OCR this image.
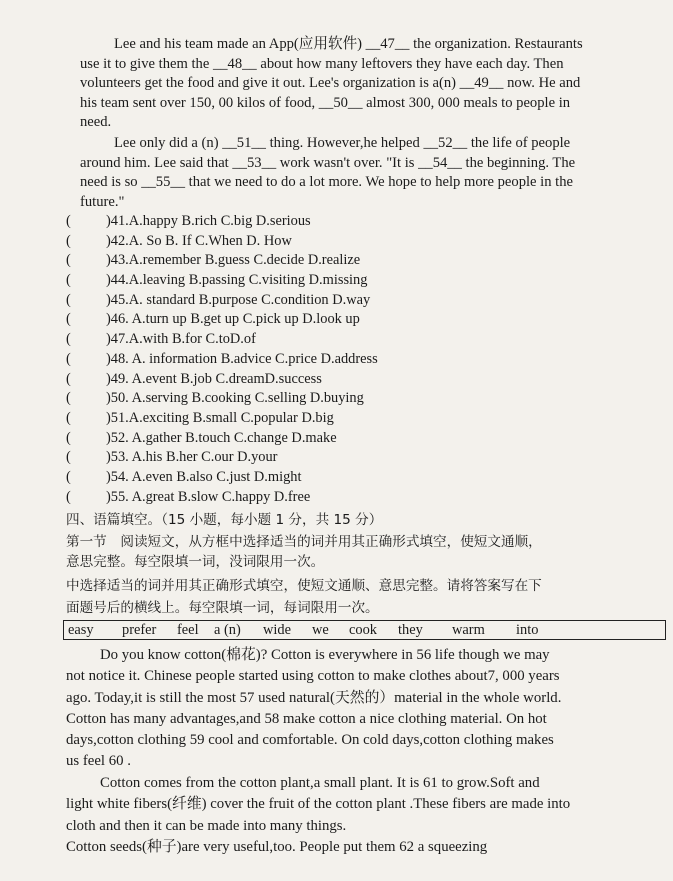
Lee and his team made an App(应用软件) __47__ the organization. Restaurants
use it to give them the __48__ about how many leftovers they have each day. Then
volunteers get the food and give it out. Lee's organization is a(n) __49__ now. He and
his team sent over 150, 00 kilos of food, __50__ almost 300, 000 meals to people in
need.
Lee only did a (n) __51__ thing. However,he helped __52__ the life of people
around him. Lee said that __53__ work wasn't over. "It is __54__ the beginning. The
need is so __55__ that we need to do a lot more. We hope to help more people in the
future."
( )41.A.happy B.rich C.big D.serious
( )42.A. So B. If C.When D. How
( )43.A.remember B.guess C.decide D.realize
( )44.A.leaving B.passing C.visiting D.missing
( )45.A. standard B.purpose C.condition D.way
( )46. A.turn up B.get up C.pick up D.look up
( )47.A.with B.for C.toD.of
( )48. A. information B.advice C.price D.address
( )49. A.event B.job C.dreamD.success
( )50. A.serving B.cooking C.selling D.buying
( )51.A.exciting B.small C.popular D.big
( )52. A.gather B.touch C.change D.make
( )53. A.his B.her C.our D.your
( )54. A.even B.also C.just D.might
( )55. A.great B.slow C.happy D.free
四、语篇填空。（15 小题，每小题 1 分，共 15 分）
第一节　阅读短文，从方框中选择适当的词并用其正确形式填空，使短文通顺，
意思完整。每空限填一词，没词限用一次。
中选择适当的词并用其正确形式填空，使短文通顺、意思完整。请将答案写在下
面题号后的横线上。每空限填一词，每词限用一次。
easy prefer feel a (n) wide we cook they warm into
Do you know cotton(棉花)? Cotton is everywhere in 56 life though we may
not notice it. Chinese people started using cotton to make clothes about7, 000 years
ago. Today,it is still the most 57 used natural(天然的）material in the whole world.
Cotton has many advantages,and 58 make cotton a nice clothing material. On hot
days,cotton clothing 59 cool and comfortable. On cold days,cotton clothing makes
us feel 60 .
Cotton comes from the cotton plant,a small plant. It is 61 to grow.Soft and
light white fibers(纤维) cover the fruit of the cotton plant .These fibers are made into
cloth and then it can be made into many things.
Cotton seeds(种子)are very useful,too. People put them 62 a squeezing
